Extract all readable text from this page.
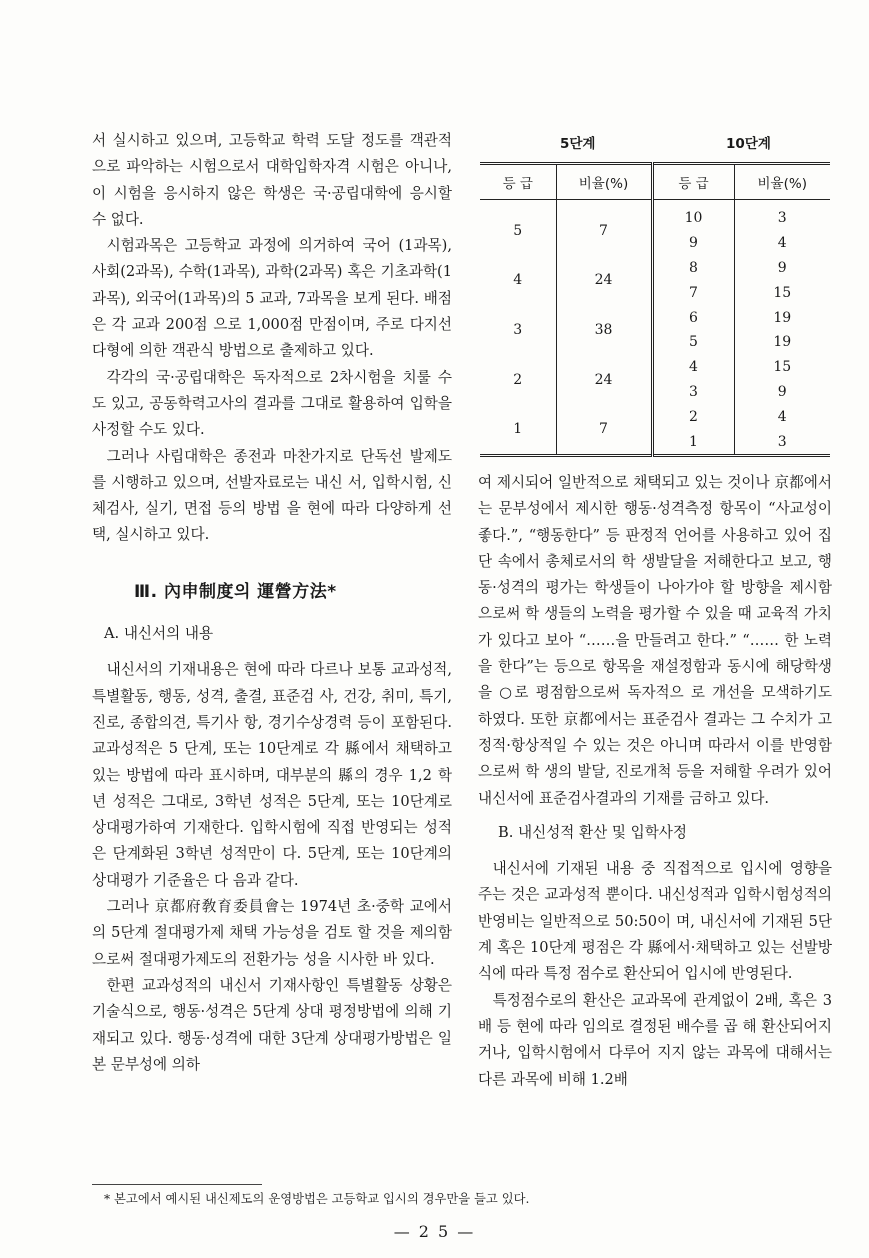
서 실시하고 있으며, 고등학교 학력 도달 정도를 객관적으로 파악하는 시험으로서 대학입학자격 시험은 아니나, 이 시험을 응시하지 않은 학생은 국·공립대학에 응시할 수 없다.

시험과목은 고등학교 과정에 의거하여 국어 (1과목), 사회(2과목), 수학(1과목), 과학(2과목) 혹은 기초과학(1과목), 외국어(1과목)의 5 교과, 7과목을 보게 된다. 배점은 각 교과 200점 으로 1,000점 만점이며, 주로 다지선다형에 의한 객관식 방법으로 출제하고 있다.

각각의 국·공립대학은 독자적으로 2차시험을 치룰 수도 있고, 공동학력고사의 결과를 그대로 활용하여 입학을 사정할 수도 있다.

그러나 사립대학은 종전과 마찬가지로 단독선 발제도를 시행하고 있으며, 선발자료로는 내신 서, 입학시험, 신체검사, 실기, 면접 등의 방법 을 현에 따라 다양하게 선택, 실시하고 있다.

Ⅲ. 內申制度의 運營方法*

A. 내신서의 내용

내신서의 기재내용은 현에 따라 다르나 보통 교과성적, 특별활동, 행동, 성격, 출결, 표준검 사, 건강, 취미, 특기, 진로, 종합의견, 특기사 항, 경기수상경력 등이 포함된다. 교과성적은 5 단계, 또는 10단계로 각 縣에서 채택하고 있는 방법에 따라 표시하며, 대부분의 縣의 경우 1,2 학년 성적은 그대로, 3학년 성적은 5단계, 또는 10단계로 상대평가하여 기재한다. 입학시험에 직접 반영되는 성적은 단계화된 3학년 성적만이 다. 5단계, 또는 10단계의 상대평가 기준율은 다 음과 같다.

그러나 京都府敎育委員會는 1974년 초·중학 교에서의 5단계 절대평가제 채택 가능성을 검토 할 것을 제의함으로써 절대평가제도의 전환가능 성을 시사한 바 있다.

한편 교과성적의 내신서 기재사항인 특별활동 상황은 기술식으로, 행동·성격은 5단계 상대 평정방법에 의해 기재되고 있다. 행동·성격에 대한 3단계 상대평가방법은 일본 문부성에 의하

5단계	10단계
등 급	비율(%)	등 급	비율(%)
5	7	10	3
		9	4
4	24	8	9
		7	15
3	38	6	19
		5	19
2	24	4	15
		3	9
1	7	2	4
		1	3

여 제시되어 일반적으로 채택되고 있는 것이나 京都에서는 문부성에서 제시한 행동·성격측정 항목이 “사교성이 좋다.”, “행동한다” 등 판정적 언어를 사용하고 있어 집단 속에서 총체로서의 학 생발달을 저해한다고 보고, 행동·성격의 평가는 학생들이 나아가야 할 방향을 제시함으로써 학 생들의 노력을 평가할 수 있을 때 교육적 가치 가 있다고 보아 “……을 만들려고 한다.” “…… 한 노력을 한다”는 등으로 항목을 재설정함과 동시에 해당학생을 ○로 평점함으로써 독자적으 로 개선을 모색하기도 하였다. 또한 京都에서는 표준검사 결과는 그 수치가 고정적·항상적일 수 있는 것은 아니며 따라서 이를 반영함으로써 학 생의 발달, 진로개척 등을 저해할 우려가 있어 내신서에 표준검사결과의 기재를 금하고 있다.

B. 내신성적 환산 및 입학사정

내신서에 기재된 내용 중 직접적으로 입시에 영향을 주는 것은 교과성적 뿐이다. 내신성적과 입학시험성적의 반영비는 일반적으로 50:50이 며, 내신서에 기재된 5단계 혹은 10단계 평점은 각 縣에서·채택하고 있는 선발방식에 따라 특정 점수로 환산되어 입시에 반영된다.

특정점수로의 환산은 교과목에 관계없이 2배, 혹은 3배 등 현에 따라 임의로 결정된 배수를 곱 해 환산되어지거나, 입학시험에서 다루어 지지 않는 과목에 대해서는 다른 과목에 비해 1.2배

* 본고에서 예시된 내신제도의 운영방법은 고등학교 입시의 경우만을 들고 있다.
— 2 5 —
